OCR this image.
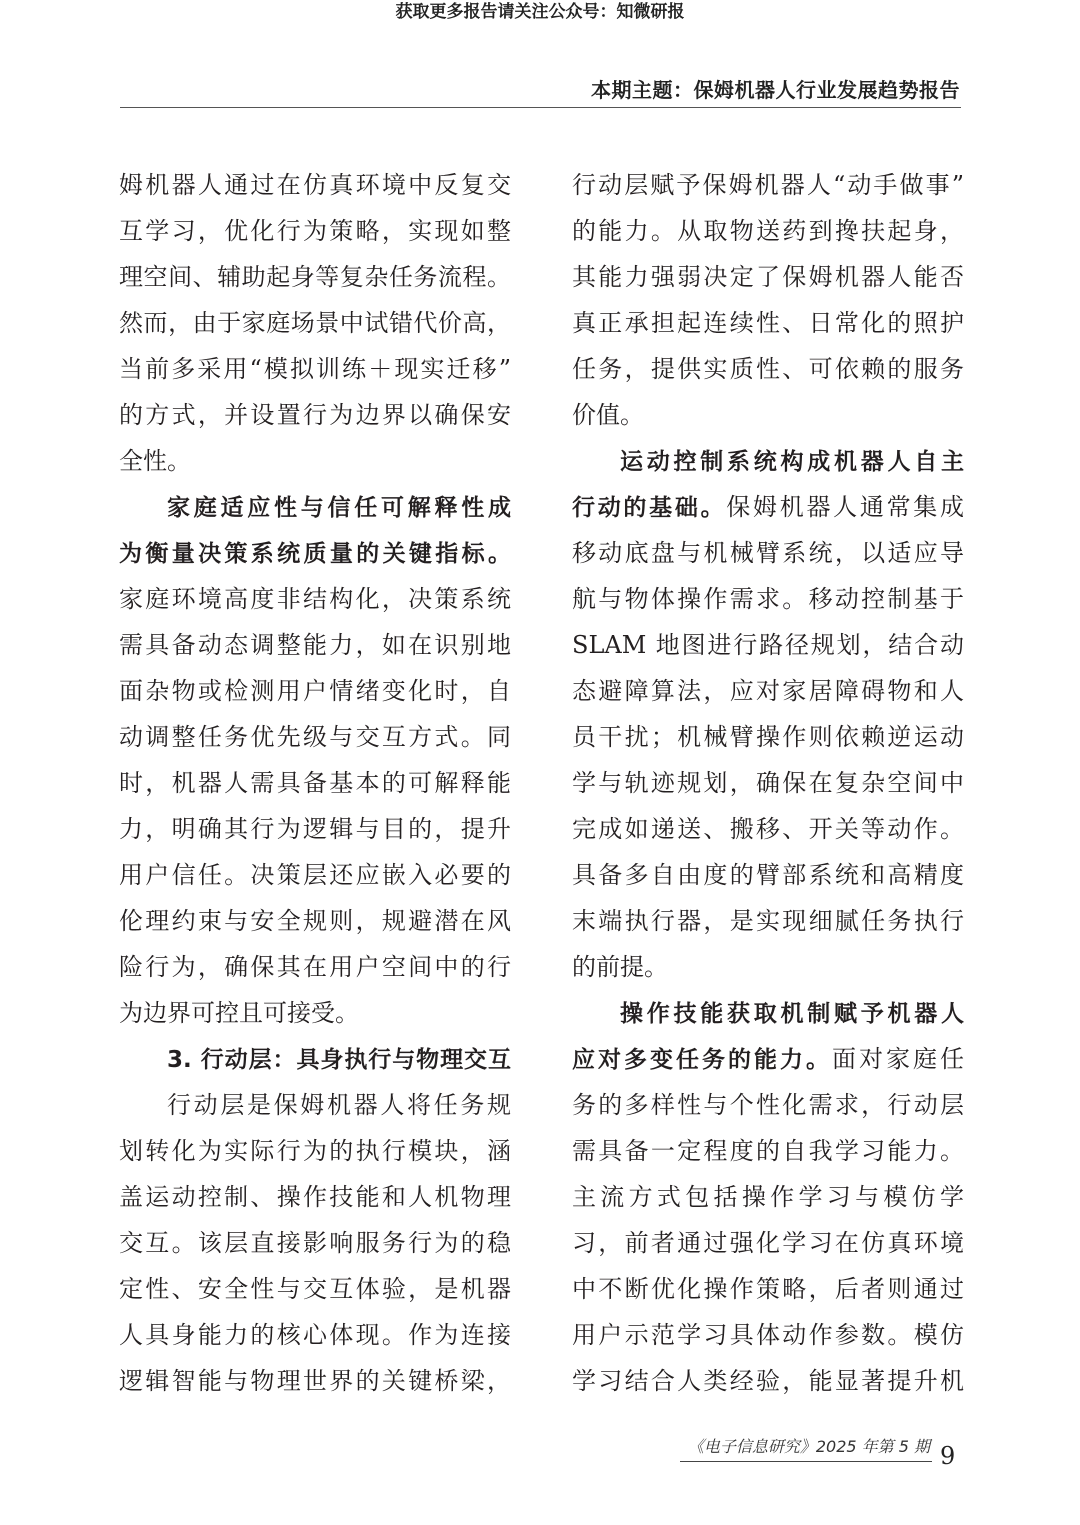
获取更多报告请关注公众号：知微研报
本期主题：保姆机器人行业发展趋势报告
姆机器人通过在仿真环境中反复交
互学习，优化行为策略，实现如整
理空间、辅助起身等复杂任务流程。
然而，由于家庭场景中试错代价高，
当前多采用“模拟训练＋现实迁移”
的方式，并设置行为边界以确保安
全性。
家庭适应性与信任可解释性成
为衡量决策系统质量的关键指标。
家庭环境高度非结构化，决策系统
需具备动态调整能力，如在识别地
面杂物或检测用户情绪变化时，自
动调整任务优先级与交互方式。同
时，机器人需具备基本的可解释能
力，明确其行为逻辑与目的，提升
用户信任。决策层还应嵌入必要的
伦理约束与安全规则，规避潜在风
险行为，确保其在用户空间中的行
为边界可控且可接受。
3. 行动层：具身执行与物理交互
行动层是保姆机器人将任务规
划转化为实际行为的执行模块，涵
盖运动控制、操作技能和人机物理
交互。该层直接影响服务行为的稳
定性、安全性与交互体验，是机器
人具身能力的核心体现。作为连接
逻辑智能与物理世界的关键桥梁，
行动层赋予保姆机器人“动手做事”
的能力。从取物送药到搀扶起身，
其能力强弱决定了保姆机器人能否
真正承担起连续性、日常化的照护
任务，提供实质性、可依赖的服务
价值。
运动控制系统构成机器人自主
行动的基础。保姆机器人通常集成
移动底盘与机械臂系统，以适应导
航与物体操作需求。移动控制基于
SLAM 地图进行路径规划，结合动
态避障算法，应对家居障碍物和人
员干扰；机械臂操作则依赖逆运动
学与轨迹规划，确保在复杂空间中
完成如递送、搬移、开关等动作。
具备多自由度的臂部系统和高精度
末端执行器，是实现细腻任务执行
的前提。
操作技能获取机制赋予机器人
应对多变任务的能力。面对家庭任
务的多样性与个性化需求，行动层
需具备一定程度的自我学习能力。
主流方式包括操作学习与模仿学
习，前者通过强化学习在仿真环境
中不断优化操作策略，后者则通过
用户示范学习具体动作参数。模仿
学习结合人类经验，能显著提升机
《电子信息研究》2025 年第 5 期 9
